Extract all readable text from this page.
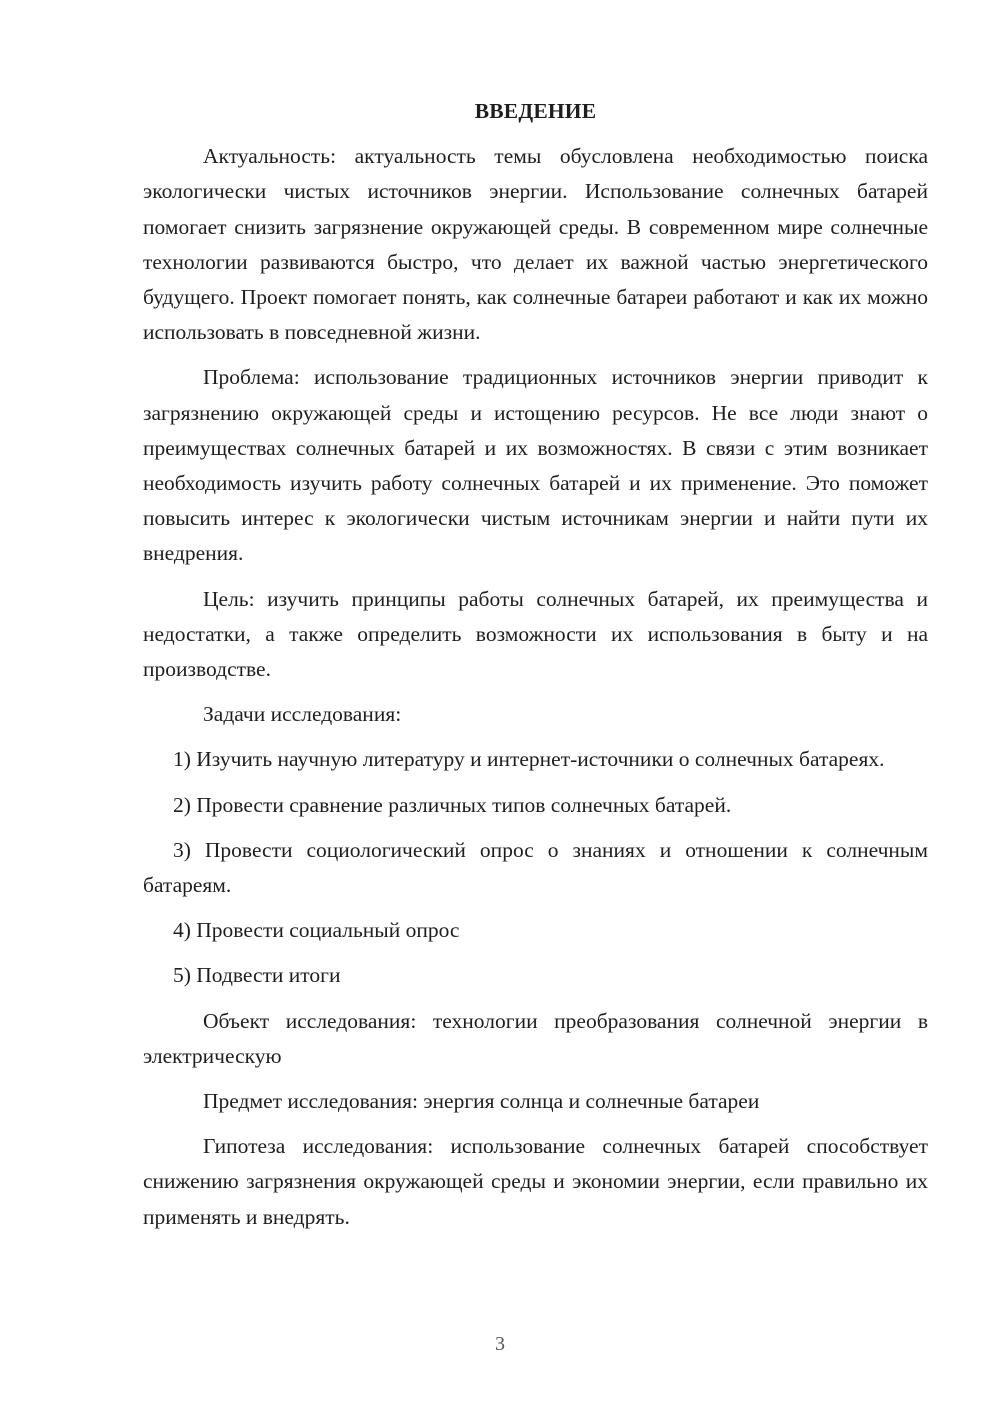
ВВЕДЕНИЕ

Актуальность: актуальность темы обусловлена необходимостью поиска экологически чистых источников энергии. Использование солнечных батарей помогает снизить загрязнение окружающей среды. В современном мире солнечные технологии развиваются быстро, что делает их важной частью энергетического будущего. Проект помогает понять, как солнечные батареи работают и как их можно использовать в повседневной жизни.

Проблема: использование традиционных источников энергии приводит к загрязнению окружающей среды и истощению ресурсов. Не все люди знают о преимуществах солнечных батарей и их возможностях. В связи с этим возникает необходимость изучить работу солнечных батарей и их применение. Это поможет повысить интерес к экологически чистым источникам энергии и найти пути их внедрения.

Цель: изучить принципы работы солнечных батарей, их преимущества и недостатки, а также определить возможности их использования в быту и на производстве.

Задачи исследования:

1) Изучить научную литературу и интернет-источники о солнечных батареях.

2) Провести сравнение различных типов солнечных батарей.

3) Провести социологический опрос о знаниях и отношении к солнечным батареям.

4) Провести социальный опрос

5) Подвести итоги

Объект исследования: технологии преобразования солнечной энергии в электрическую

Предмет исследования: энергия солнца и солнечные батареи

Гипотеза исследования: использование солнечных батарей способствует снижению загрязнения окружающей среды и экономии энергии, если правильно их применять и внедрять.

3
